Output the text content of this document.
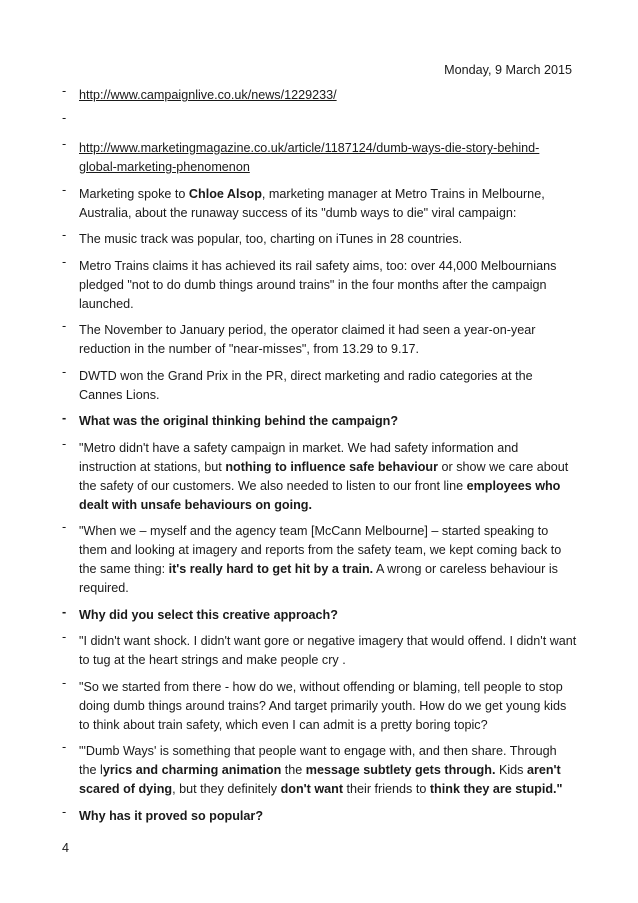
Monday, 9 March 2015
-	http://www.campaignlive.co.uk/news/1229233/
-

-	http://www.marketingmagazine.co.uk/article/1187124/dumb-ways-die-story-behind-
global-marketing-phenomenon
-	Marketing spoke to Chloe Alsop, marketing manager at Metro Trains in Melbourne, Australia, about the runaway success of its "dumb ways to die" viral campaign:
-	The music track was popular, too, charting on iTunes in 28 countries.
-	Metro Trains claims it has achieved its rail safety aims, too: over 44,000 Melbournians pledged "not to do dumb things around trains" in the four months after the campaign launched.
-	The November to January period, the operator claimed it had seen a year-on-year reduction in the number of "near-misses", from 13.29 to 9.17.
-	DWTD won the Grand Prix in the PR, direct marketing and radio categories at the Cannes Lions.
-	What was the original thinking behind the campaign?
-	"Metro didn't have a safety campaign in market. We had safety information and instruction at stations, but nothing to influence safe behaviour or show we care about the safety of our customers. We also needed to listen to our front line employees who dealt with unsafe behaviours on going.
-	"When we – myself and the agency team [McCann Melbourne] – started speaking to them and looking at imagery and reports from the safety team, we kept coming back to the same thing: it's really hard to get hit by a train. A wrong or careless behaviour is required.
-	Why did you select this creative approach?
-	"I didn't want shock. I didn't want gore or negative imagery that would offend. I didn't want to tug at the heart strings and make people cry .
-	"So we started from there - how do we, without offending or blaming, tell people to stop doing dumb things around trains? And target primarily youth. How do we get young kids to think about train safety, which even I can admit is a pretty boring topic?
-	"'Dumb Ways' is something that people want to engage with, and then share. Through the lyrics and charming animation the message subtlety gets through. Kids aren't scared of dying, but they definitely don't want their friends to think they are stupid."
-	Why has it proved so popular?
4
